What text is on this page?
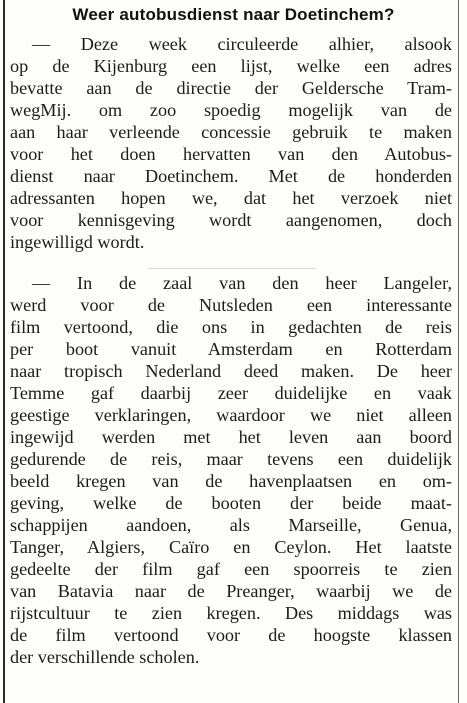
Weer autobusdienst naar Doetinchem?
— Deze week circuleerde alhier, alsook
op de Kijenburg een lijst, welke een adres
bevatte aan de directie der Geldersche Tram-
wegMij. om zoo spoedig mogelijk van de
aan haar verleende concessie gebruik te maken
voor het doen hervatten van den Autobus-
dienst naar Doetinchem. Met de honderden
adressanten hopen we, dat het verzoek niet
voor kennisgeving wordt aangenomen, doch
ingewilligd wordt.
— In de zaal van den heer Langeler,
werd voor de Nutsleden een interessante
film vertoond, die ons in gedachten de reis
per boot vanuit Amsterdam en Rotterdam
naar tropisch Nederland deed maken. De heer
Temme gaf daarbij zeer duidelijke en vaak
geestige verklaringen, waardoor we niet alleen
ingewijd werden met het leven aan boord
gedurende de reis, maar tevens een duidelijk
beeld kregen van de havenplaatsen en om-
geving, welke de booten der beide maat-
schappijen aandoen, als Marseille, Genua,
Tanger, Algiers, Caïro en Ceylon. Het laatste
gedeelte der film gaf een spoorreis te zien
van Batavia naar de Preanger, waarbij we de
rijstcultuur te zien kregen. Des middags was
de film vertoond voor de hoogste klassen
der verschillende scholen.
